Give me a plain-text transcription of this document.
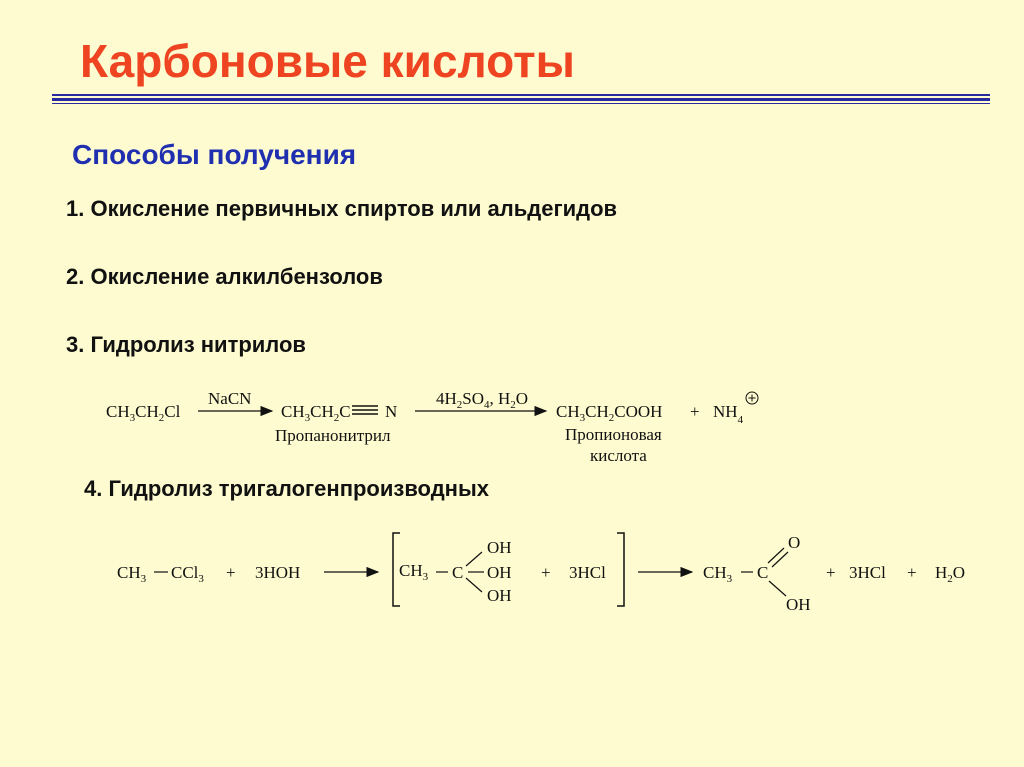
Карбоновые кислоты
Способы получения
1. Окисление первичных спиртов или альдегидов
2. Окисление алкилбензолов
3. Гидролиз нитрилов
4. Гидролиз тригалогенпроизводных
$CH_3CH_2Cl$
NaCN
$CH_3CH_2C$ N
Пропанонитрил
$4H_2SO_4$, $H_2O$
$CH_3CH_2COOH + NH_4$
Пропионовая
кислота
$CH_3$ CCl$_3$ + 3HOH	$CH_3$ C
OH
OH
OH
+ 3HCl	$CH_3$ C
O
OH
+ $3HCl + H_2O$
